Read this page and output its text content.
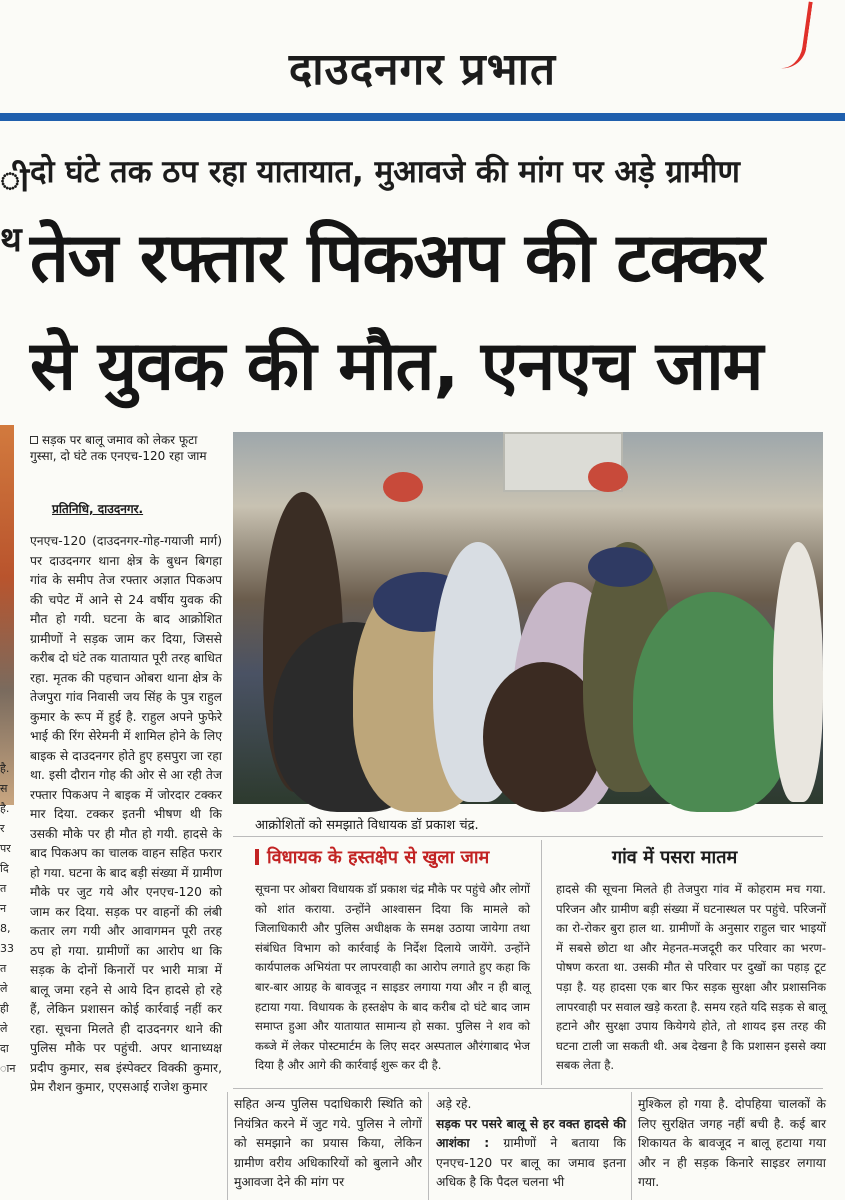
दाउदनगर प्रभात
ी
थ
है.
स
है.
र
पर
दि
त
न
8,
33
त
ले
ही
ले
दा
ान
दो घंटे तक ठप रहा यातायात, मुआवजे की मांग पर अड़े ग्रामीण
तेज रफ्तार पिकअप की टक्कर
से युवक की मौत, एनएच जाम
सड़क पर बालू जमाव को लेकर फूटा गुस्सा, दो घंटे तक एनएच-120 रहा जाम
प्रतिनिधि, दाउदनगर.
एनएच-120 (दाउदनगर-गोह-गयाजी मार्ग) पर दाउदनगर थाना क्षेत्र के बुधन बिगहा गांव के समीप तेज रफ्तार अज्ञात पिकअप की चपेट में आने से 24 वर्षीय युवक की मौत हो गयी. घटना के बाद आक्रोशित ग्रामीणों ने सड़क जाम कर दिया, जिससे करीब दो घंटे तक यातायात पूरी तरह बाधित रहा. मृतक की पहचान ओबरा थाना क्षेत्र के तेजपुरा गांव निवासी जय सिंह के पुत्र राहुल कुमार के रूप में हुई है. राहुल अपने फुफेरे भाई की रिंग सेरेमनी में शामिल होने के लिए बाइक से दाउदनगर होते हुए हसपुरा जा रहा था. इसी दौरान गोह की ओर से आ रही तेज रफ्तार पिकअप ने बाइक में जोरदार टक्कर मार दिया. टक्कर इतनी भीषण थी कि उसकी मौके पर ही मौत हो गयी. हादसे के बाद पिकअप का चालक वाहन सहित फरार हो गया. घटना के बाद बड़ी संख्या में ग्रामीण मौके पर जुट गये और एनएच-120 को जाम कर दिया. सड़क पर वाहनों की लंबी कतार लग गयी और आवागमन पूरी तरह ठप हो गया. ग्रामीणों का आरोप था कि सड़क के दोनों किनारों पर भारी मात्रा में बालू जमा रहने से आये दिन हादसे हो रहे हैं, लेकिन प्रशासन कोई कार्रवाई नहीं कर रहा. सूचना मिलते ही दाउदनगर थाने की पुलिस मौके पर पहुंची. अपर थानाध्यक्ष प्रदीप कुमार, सब इंस्पेक्टर विक्की कुमार, प्रेम रौशन कुमार, एएसआई राजेश कुमार
आक्रोशितों को समझाते विधायक डॉ प्रकाश चंद्र.
विधायक के हस्तक्षेप से खुला जाम
सूचना पर ओबरा विधायक डॉ प्रकाश चंद्र मौके पर पहुंचे और लोगों को शांत कराया. उन्होंने आश्वासन दिया कि मामले को जिलाधिकारी और पुलिस अधीक्षक के समक्ष उठाया जायेगा तथा संबंधित विभाग को कार्रवाई के निर्देश दिलाये जायेंगे. उन्होंने कार्यपालक अभियंता पर लापरवाही का आरोप लगाते हुए कहा कि बार-बार आग्रह के बावजूद न साइडर लगाया गया और न ही बालू हटाया गया. विधायक के हस्तक्षेप के बाद करीब दो घंटे बाद जाम समाप्त हुआ और यातायात सामान्य हो सका. पुलिस ने शव को कब्जे में लेकर पोस्टमार्टम के लिए सदर अस्पताल औरंगाबाद भेज दिया है और आगे की कार्रवाई शुरू कर दी है.
गांव में पसरा मातम
हादसे की सूचना मिलते ही तेजपुरा गांव में कोहराम मच गया. परिजन और ग्रामीण बड़ी संख्या में घटनास्थल पर पहुंचे. परिजनों का रो-रोकर बुरा हाल था. ग्रामीणों के अनुसार राहुल चार भाइयों में सबसे छोटा था और मेहनत-मजदूरी कर परिवार का भरण-पोषण करता था. उसकी मौत से परिवार पर दुखों का पहाड़ टूट पड़ा है. यह हादसा एक बार फिर सड़क सुरक्षा और प्रशासनिक लापरवाही पर सवाल खड़े करता है. समय रहते यदि सड़क से बालू हटाने और सुरक्षा उपाय कियेगये होते, तो शायद इस तरह की घटना टाली जा सकती थी. अब देखना है कि प्रशासन इससे क्या सबक लेता है.
सहित अन्य पुलिस पदाधिकारी स्थिति को नियंत्रित करने में जुट गये. पुलिस ने लोगों को समझाने का प्रयास किया, लेकिन ग्रामीण वरीय अधिकारियों को बुलाने और मुआवजा देने की मांग पर
अड़े रहे.
सड़क पर पसरे बालू से हर वक्त हादसे की आशंका : ग्रामीणों ने बताया कि एनएच-120 पर बालू का जमाव इतना अधिक है कि पैदल चलना भी
मुश्किल हो गया है. दोपहिया चालकों के लिए सुरक्षित जगह नहीं बची है. कई बार शिकायत के बावजूद न बालू हटाया गया और न ही सड़क किनारे साइडर लगाया गया.
